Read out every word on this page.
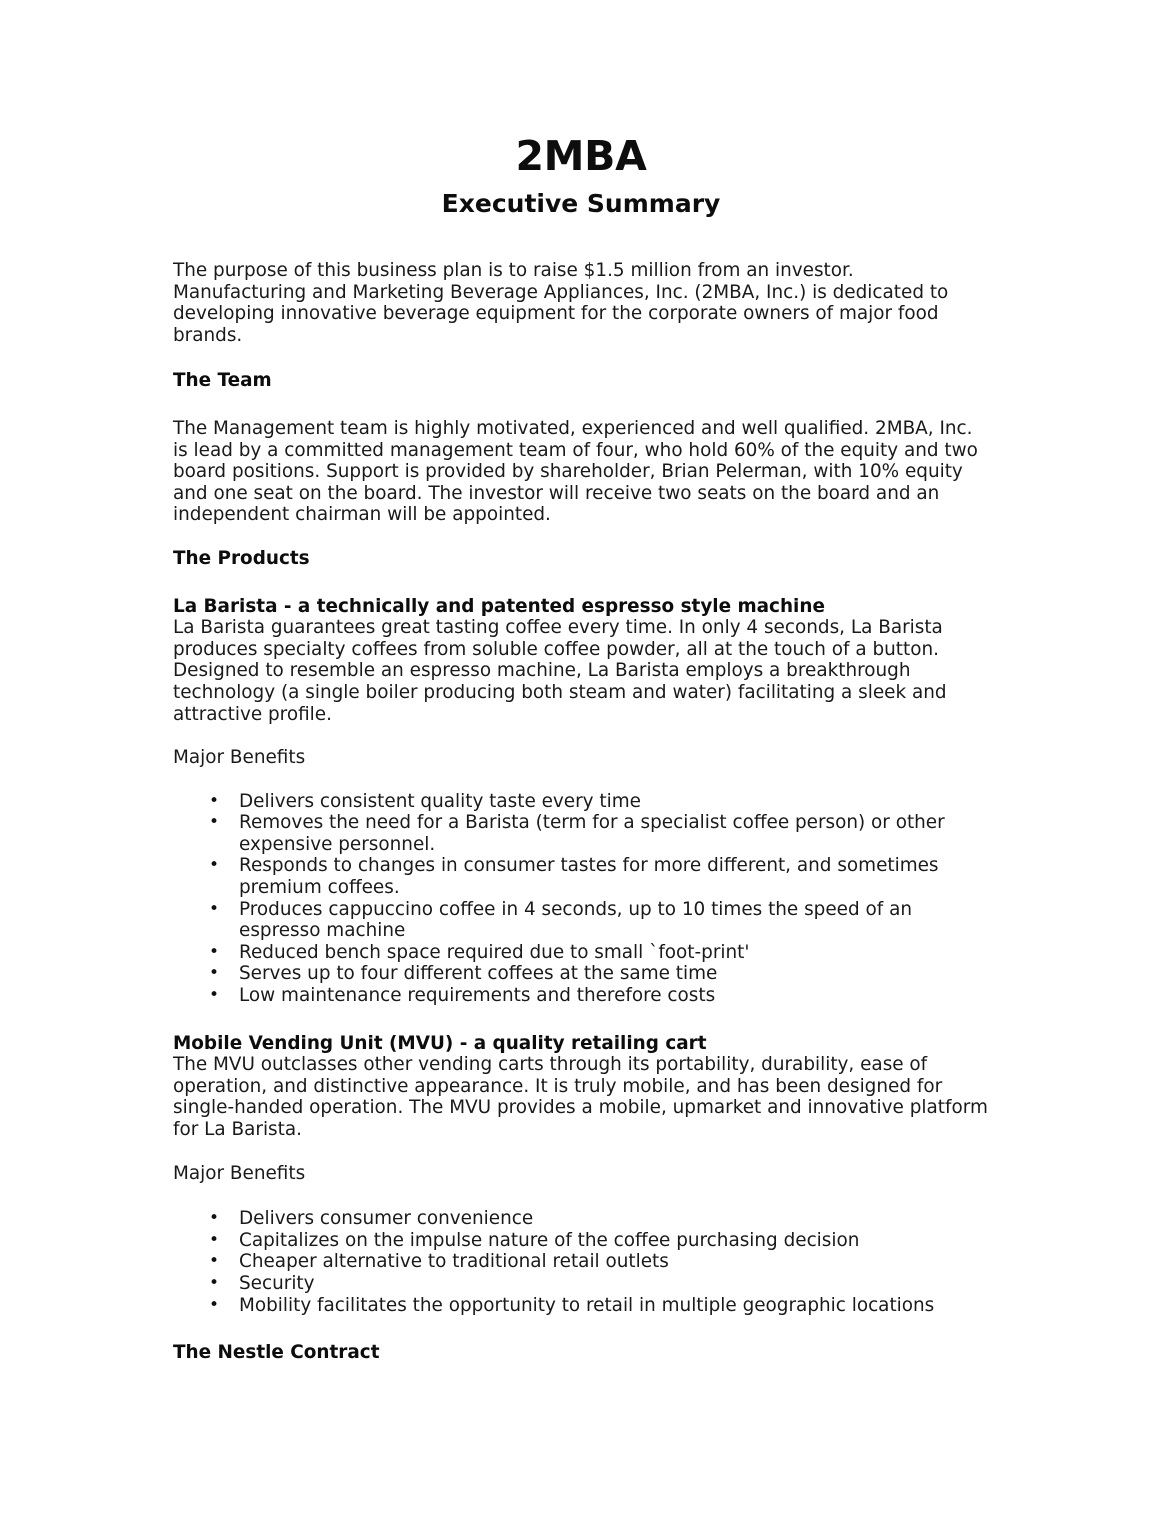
2MBA
Executive Summary

The purpose of this business plan is to raise $1.5 million from an investor. Manufacturing and Marketing Beverage Appliances, Inc. (2MBA, Inc.) is dedicated to developing innovative beverage equipment for the corporate owners of major food brands.

The Team

The Management team is highly motivated, experienced and well qualified. 2MBA, Inc. is lead by a committed management team of four, who hold 60% of the equity and two board positions. Support is provided by shareholder, Brian Pelerman, with 10% equity and one seat on the board. The investor will receive two seats on the board and an independent chairman will be appointed.

The Products
La Barista - a technically and patented espresso style machine

La Barista guarantees great tasting coffee every time. In only 4 seconds, La Barista produces specialty coffees from soluble coffee powder, all at the touch of a button. Designed to resemble an espresso machine, La Barista employs a breakthrough technology (a single boiler producing both steam and water) facilitating a sleek and attractive profile.

Major Benefits

• Delivers consistent quality taste every time
• Removes the need for a Barista (term for a specialist coffee person) or other expensive personnel.
• Responds to changes in consumer tastes for more different, and sometimes premium coffees.
• Produces cappuccino coffee in 4 seconds, up to 10 times the speed of an espresso machine
• Reduced bench space required due to small `foot-print'
• Serves up to four different coffees at the same time
• Low maintenance requirements and therefore costs
Mobile Vending Unit (MVU) - a quality retailing cart

The MVU outclasses other vending carts through its portability, durability, ease of operation, and distinctive appearance. It is truly mobile, and has been designed for single-handed operation. The MVU provides a mobile, upmarket and innovative platform for La Barista.

Major Benefits

• Delivers consumer convenience
• Capitalizes on the impulse nature of the coffee purchasing decision
• Cheaper alternative to traditional retail outlets
• Security
• Mobility facilitates the opportunity to retail in multiple geographic locations
The Nestle Contract
